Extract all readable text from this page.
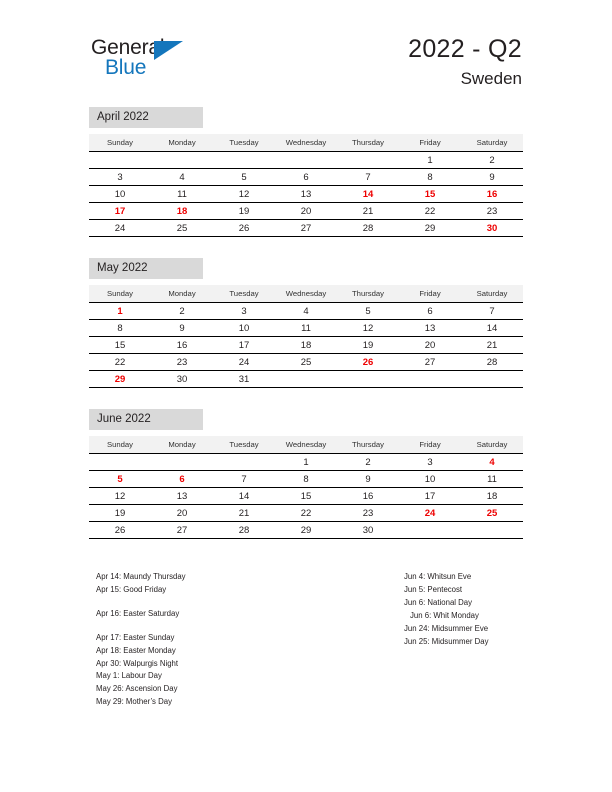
General
Blue
2022 - Q2
Sweden
April 2022
Sunday	Monday	Tuesday	Wednesday	Thursday	Friday	Saturday
					1	2
3	4	5	6	7	8	9
10	11	12	13	14	15	16
17	18	19	20	21	22	23
24	25	26	27	28	29	30
May 2022
Sunday	Monday	Tuesday	Wednesday	Thursday	Friday	Saturday
1	2	3	4	5	6	7
8	9	10	11	12	13	14
15	16	17	18	19	20	21
22	23	24	25	26	27	28
29	30	31				
June 2022
Sunday	Monday	Tuesday	Wednesday	Thursday	Friday	Saturday
			1	2	3	4
5	6	7	8	9	10	11
12	13	14	15	16	17	18
19	20	21	22	23	24	25
26	27	28	29	30		
Apr 14: Maundy Thursday
Apr 15: Good Friday
Apr 16: Easter Saturday
Apr 17: Easter Sunday
Apr 18: Easter Monday
Apr 30: Walpurgis Night
May 1: Labour Day
May 26: Ascension Day
May 29: Mother’s Day
Jun 4: Whitsun Eve
Jun 5: Pentecost
Jun 6: National Day
Jun 6: Whit Monday
Jun 24: Midsummer Eve
Jun 25: Midsummer Day
